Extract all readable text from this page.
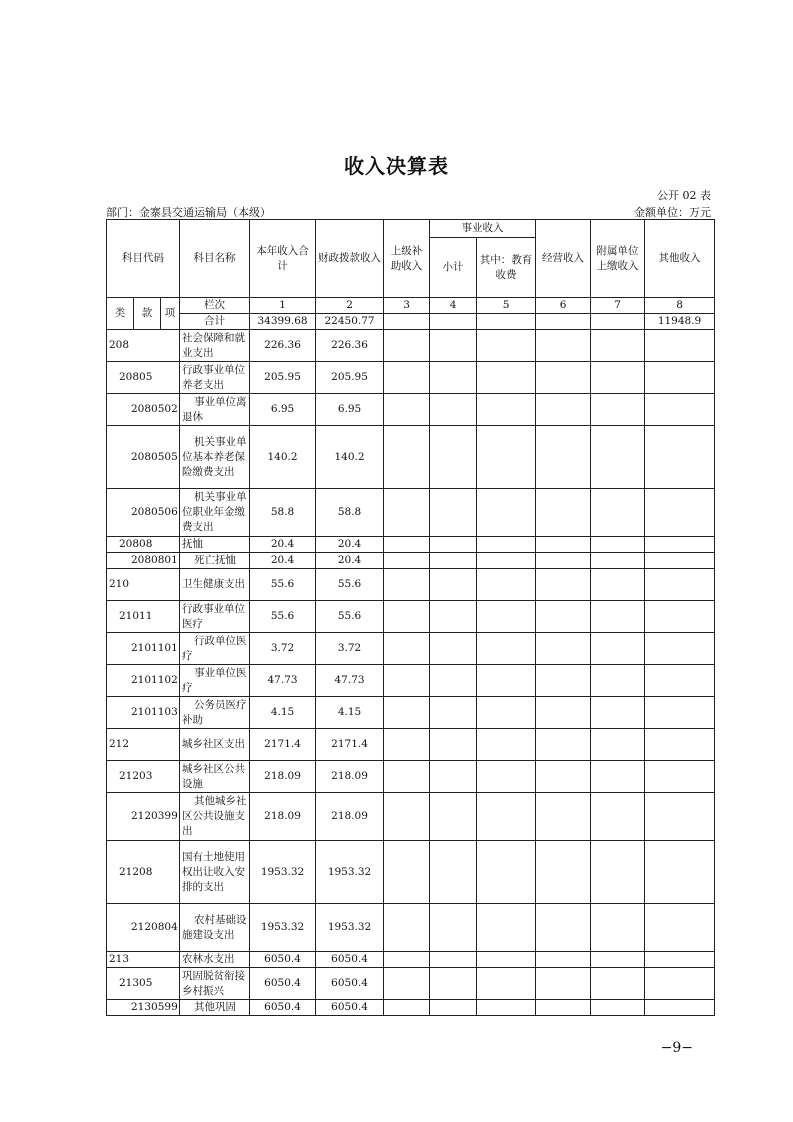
收入决算表
公开 02 表
部门：金寨县交通运输局（本级）	金额单位：万元
科目代码			科目名称	本年收入合计	财政拨款收入	上级补助收入	事业收入		经营收入	附属单位上缴收入	其他收入
							小计	其中：教育收费			
类	款	项	栏次	1	2	3	4	5	6	7	8
			合计	34399.68	22450.77						11948.9
208			社会保障和就业支出	226.36	226.36						
20805			行政事业单位养老支出	205.95	205.95						
2080502			事业单位离退休	6.95	6.95						
2080505			机关事业单位基本养老保险缴费支出	140.2	140.2						
2080506			机关事业单位职业年金缴费支出	58.8	58.8						
20808			抚恤	20.4	20.4						
2080801			死亡抚恤	20.4	20.4						
210			卫生健康支出	55.6	55.6						
21011			行政事业单位医疗	55.6	55.6						
2101101			行政单位医疗	3.72	3.72						
2101102			事业单位医疗	47.73	47.73						
2101103			公务员医疗补助	4.15	4.15						
212			城乡社区支出	2171.4	2171.4						
21203			城乡社区公共设施	218.09	218.09						
2120399			其他城乡社区公共设施支出	218.09	218.09						
21208			国有土地使用权出让收入安排的支出	1953.32	1953.32						
2120804			农村基础设施建设支出	1953.32	1953.32						
213			农林水支出	6050.4	6050.4						
21305			巩固脱贫衔接乡村振兴	6050.4	6050.4						
2130599			其他巩固	6050.4	6050.4						
−9−
